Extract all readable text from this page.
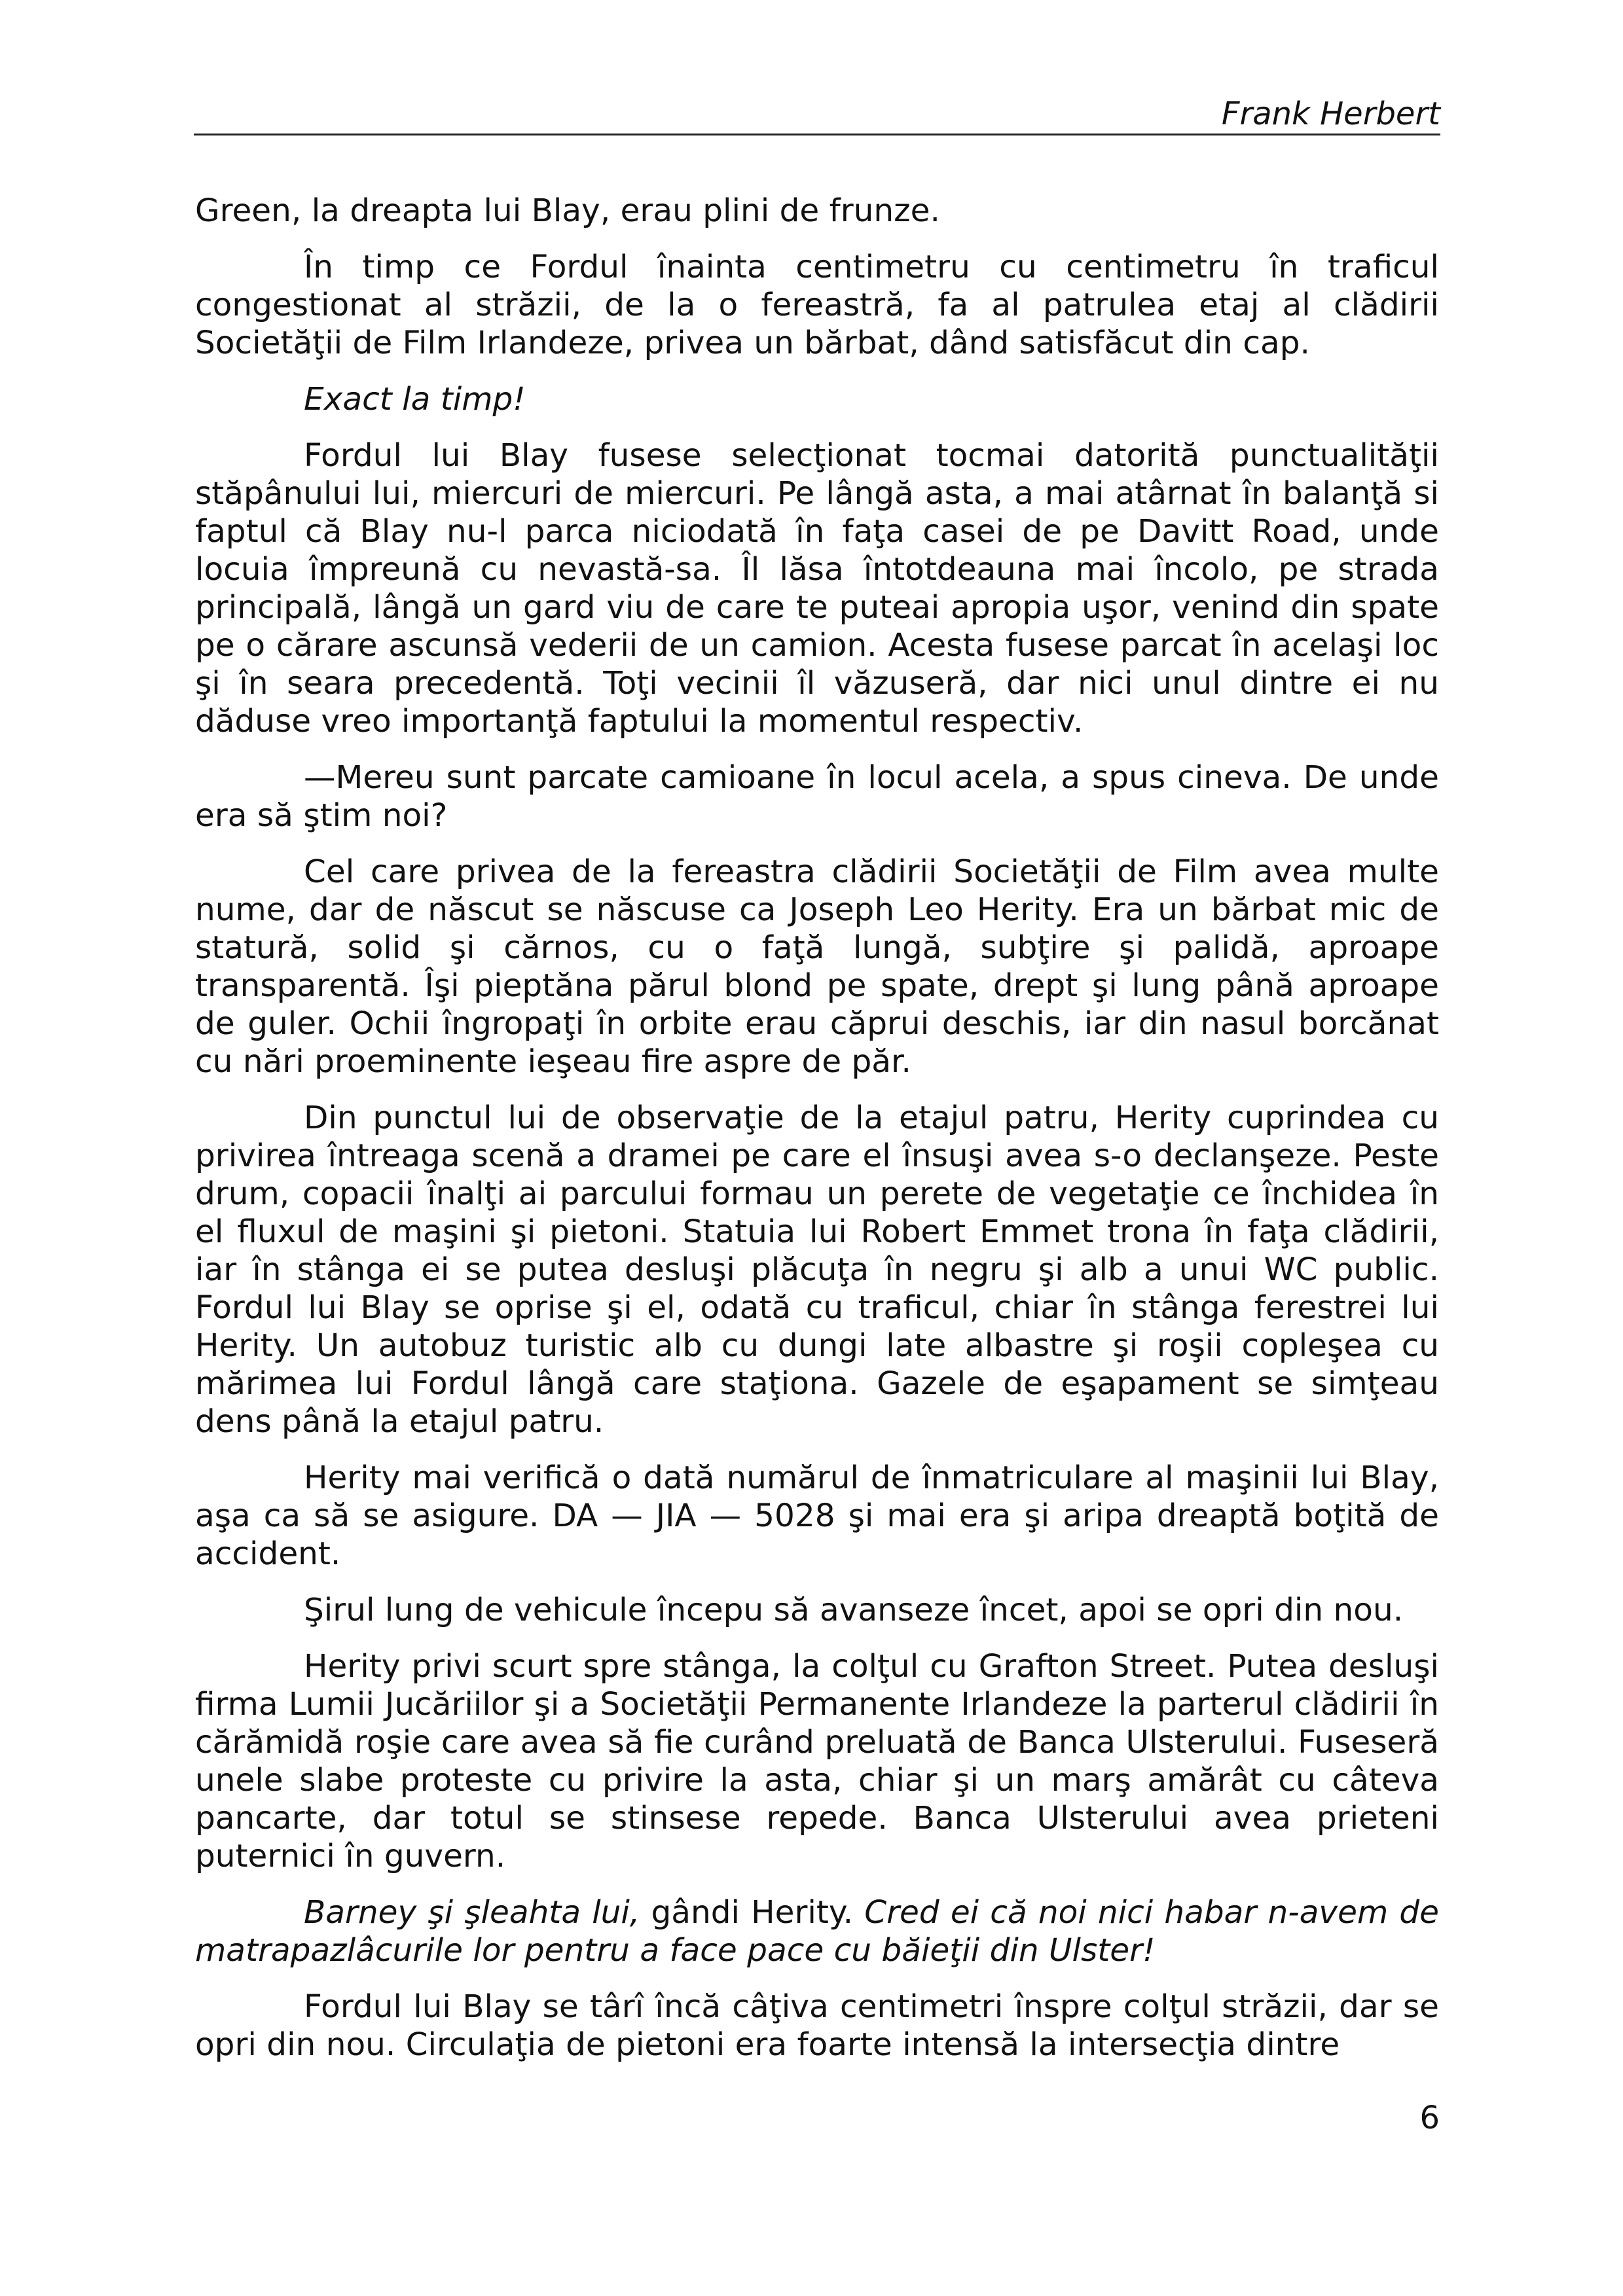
Frank Herbert

Green, la dreapta lui Blay, erau plini de frunze.

În timp ce Fordul înainta centimetru cu centimetru în traficul congestionat al străzii, de la o fereastră, fa al patrulea etaj al clădirii Societăţii de Film Irlandeze, privea un bărbat, dând satisfăcut din cap.

Exact la timp!

Fordul lui Blay fusese selecţionat tocmai datorită punctualităţii stăpânului lui, miercuri de miercuri. Pe lângă asta, a mai atârnat în balanţă si faptul că Blay nu-l parca niciodată în faţa casei de pe Davitt Road, unde locuia împreună cu nevastă-sa. Îl lăsa întotdeauna mai încolo, pe strada principală, lângă un gard viu de care te puteai apropia uşor, venind din spate pe o cărare ascunsă vederii de un camion. Acesta fusese parcat în acelaşi loc şi în seara precedentă. Toţi vecinii îl văzuseră, dar nici unul dintre ei nu dăduse vreo importanţă faptului la momentul respectiv.

—Mereu sunt parcate camioane în locul acela, a spus cineva. De unde era să ştim noi?

Cel care privea de la fereastra clădirii Societăţii de Film avea multe nume, dar de născut se născuse ca Joseph Leo Herity. Era un bărbat mic de statură, solid şi cărnos, cu o faţă lungă, subţire şi palidă, aproape transparentă. Îşi pieptăna părul blond pe spate, drept şi lung până aproape de guler. Ochii îngropaţi în orbite erau căprui deschis, iar din nasul borcănat cu nări proeminente ieşeau fire aspre de păr.

Din punctul lui de observaţie de la etajul patru, Herity cuprindea cu privirea întreaga scenă a dramei pe care el însuşi avea s-o declanşeze. Peste drum, copacii înalţi ai parcului formau un perete de vegetaţie ce închidea în el fluxul de maşini şi pietoni. Statuia lui Robert Emmet trona în faţa clădirii, iar în stânga ei se putea desluşi plăcuţa în negru şi alb a unui WC public. Fordul lui Blay se oprise şi el, odată cu traficul, chiar în stânga ferestrei lui Herity. Un autobuz turistic alb cu dungi late albastre şi roşii copleşea cu mărimea lui Fordul lângă care staţiona. Gazele de eşapament se simţeau dens până la etajul patru.

Herity mai verifică o dată numărul de înmatriculare al maşinii lui Blay, aşa ca să se asigure. DA — JIA — 5028 şi mai era şi aripa dreaptă boţită de accident.

Şirul lung de vehicule începu să avanseze încet, apoi se opri din nou.

Herity privi scurt spre stânga, la colţul cu Grafton Street. Putea desluşi firma Lumii Jucăriilor şi a Societăţii Permanente Irlandeze la parterul clădirii în cărămidă roşie care avea să fie curând preluată de Banca Ulsterului. Fuseseră unele slabe proteste cu privire la asta, chiar şi un marş amărât cu câteva pancarte, dar totul se stinsese repede. Banca Ulsterului avea prieteni puternici în guvern.

Barney şi şleahta lui, gândi Herity. Cred ei că noi nici habar n-avem de matrapazlâcurile lor pentru a face pace cu băieţii din Ulster!

Fordul lui Blay se târî încă câţiva centimetri înspre colţul străzii, dar se opri din nou. Circulaţia de pietoni era foarte intensă la intersecţia dintre

6
